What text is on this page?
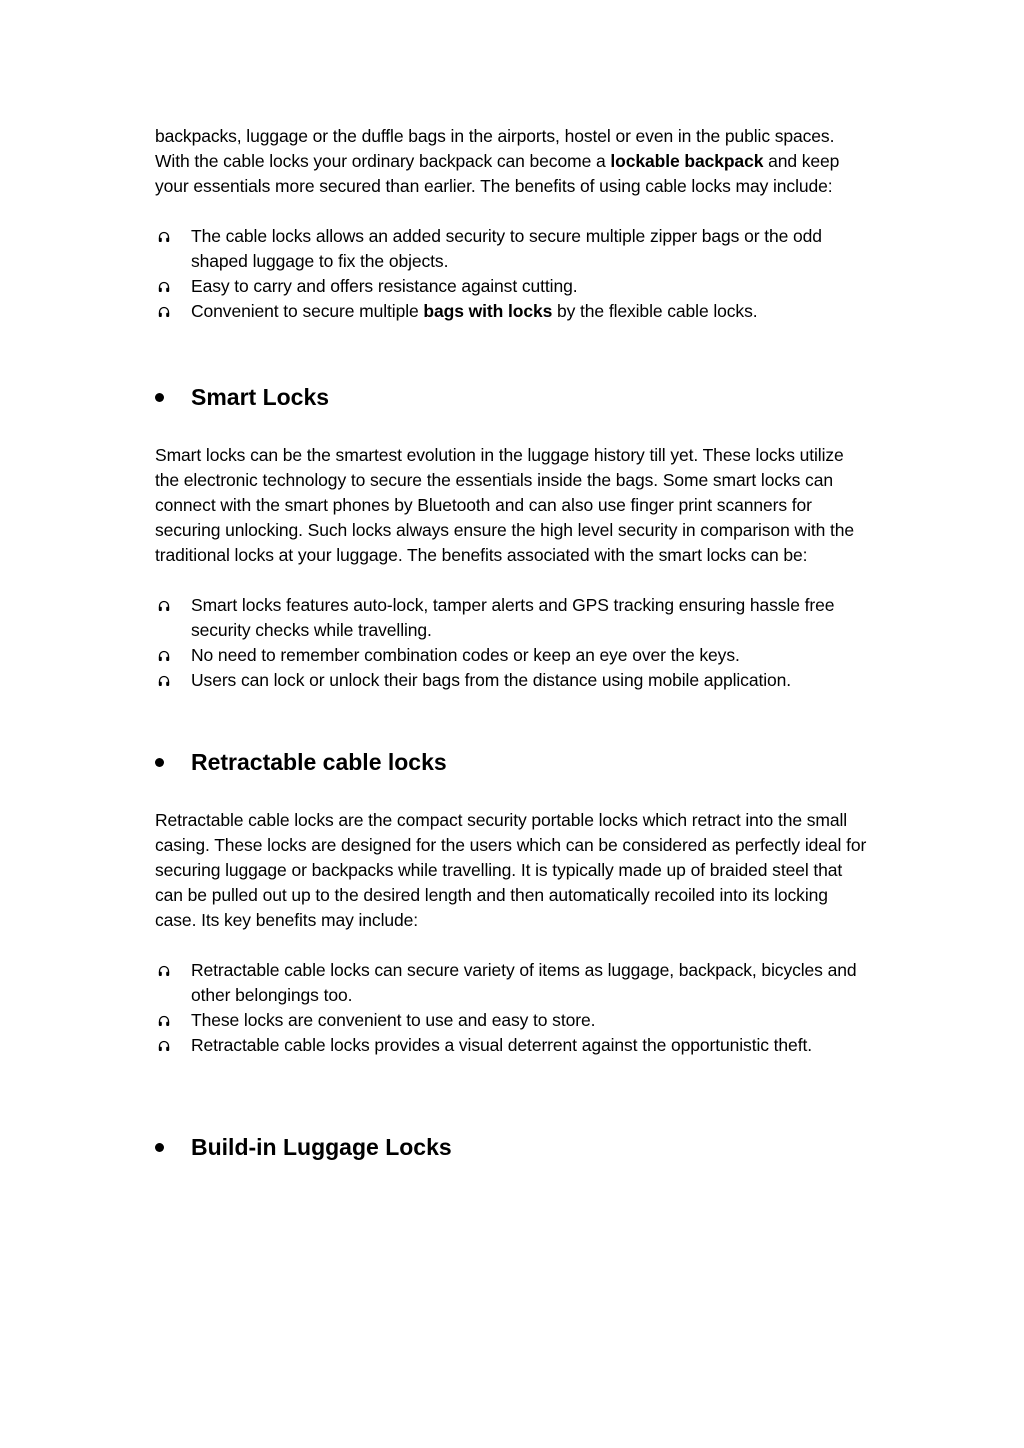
backpacks, luggage or the duffle bags in the airports, hostel or even in the public spaces. With the cable locks your ordinary backpack can become a lockable backpack and keep your essentials more secured than earlier. The benefits of using cable locks may include:

The cable locks allows an added security to secure multiple zipper bags or the odd shaped luggage to fix the objects.
Easy to carry and offers resistance against cutting.
Convenient to secure multiple bags with locks by the flexible cable locks.
Smart Locks

Smart locks can be the smartest evolution in the luggage history till yet. These locks utilize the electronic technology to secure the essentials inside the bags. Some smart locks can connect with the smart phones by Bluetooth and can also use finger print scanners for securing unlocking. Such locks always ensure the high level security in comparison with the traditional locks at your luggage. The benefits associated with the smart locks can be:

Smart locks features auto-lock, tamper alerts and GPS tracking ensuring hassle free security checks while travelling.
No need to remember combination codes or keep an eye over the keys.
Users can lock or unlock their bags from the distance using mobile application.
Retractable cable locks

Retractable cable locks are the compact security portable locks which retract into the small casing. These locks are designed for the users which can be considered as perfectly ideal for securing luggage or backpacks while travelling. It is typically made up of braided steel that can be pulled out up to the desired length and then automatically recoiled into its locking case. Its key benefits may include:

Retractable cable locks can secure variety of items as luggage, backpack, bicycles and other belongings too.
These locks are convenient to use and easy to store.
Retractable cable locks provides a visual deterrent against the opportunistic theft.
Build-in Luggage Locks
